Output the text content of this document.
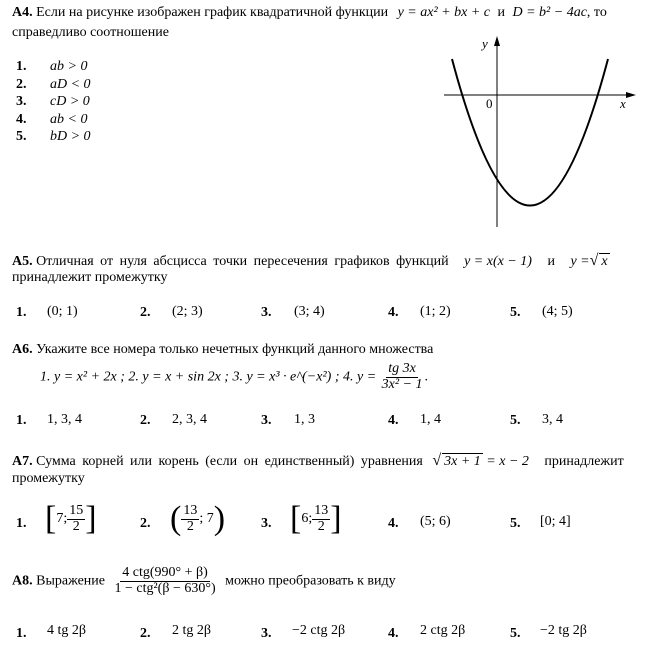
A4. Если на рисунке изображен график квадратичной функции y = ax² + bx + c и D = b² − 4ac, то
справедливо соотношение
1. ab > 0
2. aD < 0
3. cD > 0
4. ab < 0
5. bD > 0
y
x
0
A5. Отличная от нуля абсцисса точки пересечения графиков функций y = x(x − 1) и y =√ x
принадлежит промежутку
1. (0; 1)	2. (2; 3)	3. (3; 4)	4. (1; 2)	5. (4; 5)
A6. Укажите все номера только нечетных функций данного множества
1. y = x² + 2x ; 2. y = x + sin 2x ; 3. y = x³ · e^(−x²) ; 4. $y = \frac{tg 3x}{\text{3x² − 1}}$ .
1. 1, 3, 4	2. 2, 3, 4	3. 1, 3	4. 1, 4	5. 3, 4
A7. Сумма корней или корень (если он единственный) уравнения √ 3x + 1 = x − 2 принадлежит
промежутку
1. [7; $\frac{15}{2}$ ]	2. ( $\frac{13}{2}$ ; 7)	3. [6; $\frac{13}{2}$ ]	4. (5; 6)	5. [0; 4]
A8. Выражение $\frac{\text{4 ctg(990° + β)}}{\text{1 − ctg²(β − 630°)}}$ можно преобразовать к виду
1. 4 tg 2β	2. 2 tg 2β	3. −2 ctg 2β	4. 2 ctg 2β	5. −2 tg 2β
